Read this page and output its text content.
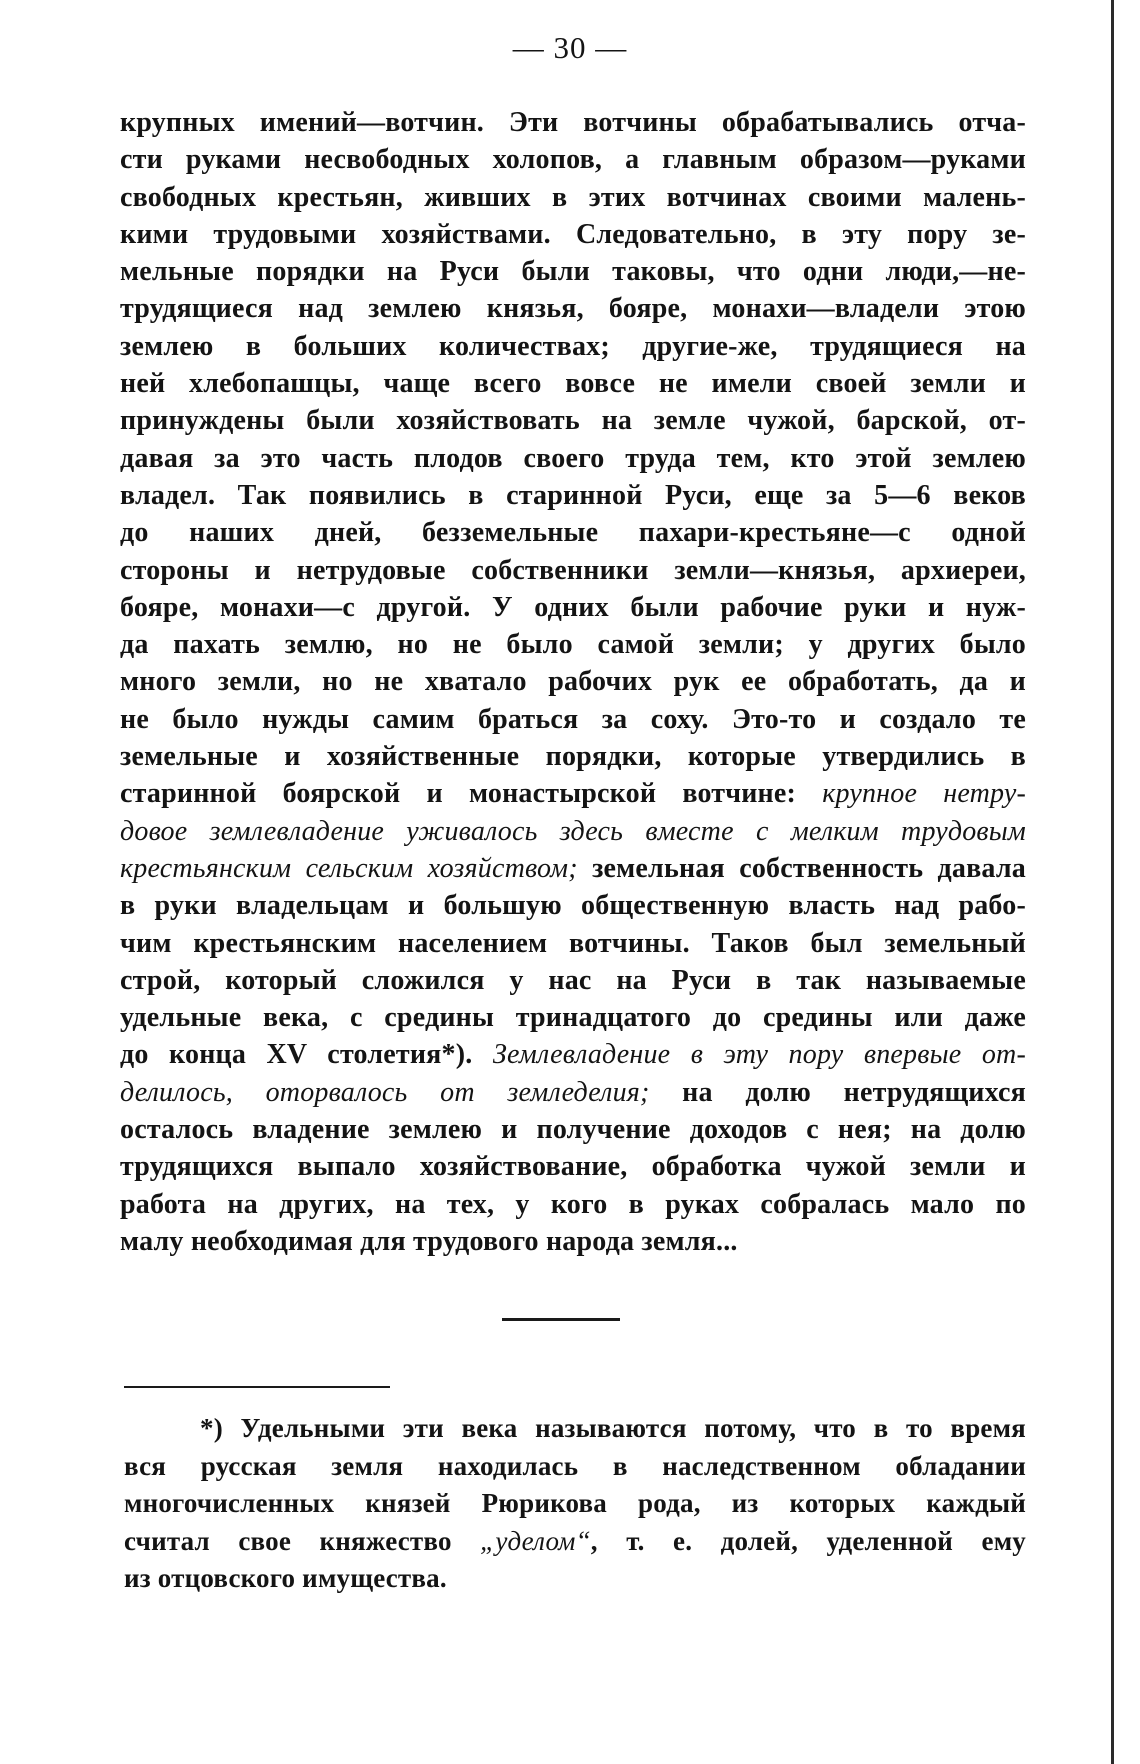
— 30 —
крупных имений—вотчин. Эти вотчины обрабатывались отча-
сти руками несвободных холопов, а главным образом—руками
свободных крестьян, живших в этих вотчинах своими малень-
кими трудовыми хозяйствами. Следовательно, в эту пору зе-
мельные порядки на Руси были таковы, что одни люди,—не-
трудящиеся над землею князья, бояре, монахи—владели этою
землею в больших количествах; другие-же, трудящиеся на
ней хлебопашцы, чаще всего вовсе не имели своей земли и
принуждены были хозяйствовать на земле чужой, барской, от-
давая за это часть плодов своего труда тем, кто этой землею
владел. Так появились в старинной Руси, еще за 5—6 веков
до наших дней, безземельные пахари-крестьяне—с одной
стороны и нетрудовые собственники земли—князья, архиереи,
бояре, монахи—с другой. У одних были рабочие руки и нуж-
да пахать землю, но не было самой земли; у других было
много земли, но не хватало рабочих рук ее обработать, да и
не было нужды самим браться за соху. Это-то и создало те
земельные и хозяйственные порядки, которые утвердились в
старинной боярской и монастырской вотчине: крупное нетру-
довое землевладение уживалось здесь вместе с мелким трудовым
крестьянским сельским хозяйством; земельная собственность давала
в руки владельцам и большую общественную власть над рабо-
чим крестьянским населением вотчины. Таков был земельный
строй, который сложился у нас на Руси в так называемые
удельные века, с средины тринадцатого до средины или даже
до конца XV столетия*). Землевладение в эту пору впервые от-
делилось, оторвалось от земледелия; на долю нетрудящихся
осталось владение землею и получение доходов с нея; на долю
трудящихся выпало хозяйствование, обработка чужой земли и
работа на других, на тех, у кого в руках собралась мало по
малу необходимая для трудового народа земля...
*) Удельными эти века называются потому, что в то время
вся русская земля находилась в наследственном обладании
многочисленных князей Рюрикова рода, из которых каждый
считал свое княжество „уделом“, т. е. долей, уделенной ему
из отцовского имущества.
